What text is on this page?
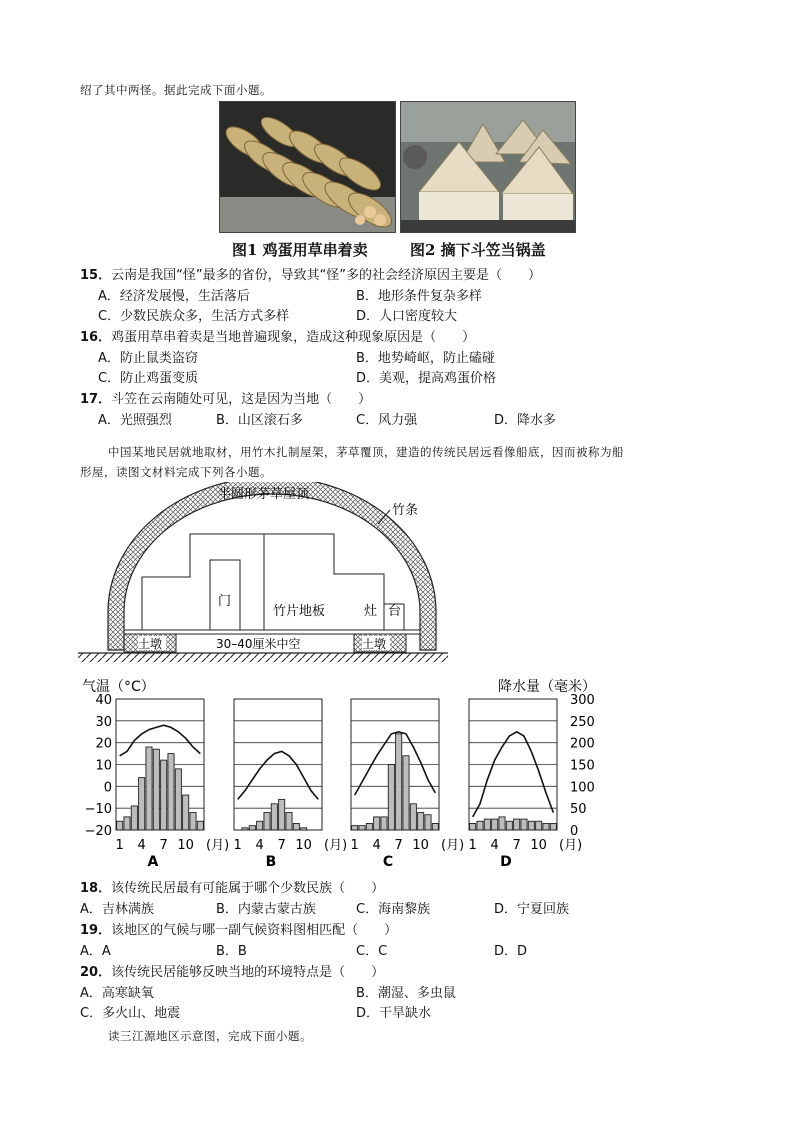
绍了其中两怪。据此完成下面小题。
图1 鸡蛋用草串着卖	图2 摘下斗笠当锅盖
15．云南是我国“怪”最多的省份，导致其“怪”多的社会经济原因主要是（　　）
A．经济发展慢，生活落后	B．地形条件复杂多样
C．少数民族众多，生活方式多样	D．人口密度较大
16．鸡蛋用草串着卖是当地普遍现象，造成这种现象原因是（　　）
A．防止鼠类盗窃	B．地势崎岖，防止磕碰
C．防止鸡蛋变质	D．美观，提高鸡蛋价格
17．斗笠在云南随处可见，这是因为当地（　　）
A．光照强烈	B．山区滚石多	C．风力强	D．降水多
中国某地民居就地取材，用竹木扎制屋架，茅草覆顶，建造的传统民居远看像船底，因而被称为船
形屋，读图文材料完成下列各小题。
半圆形茅草屋顶
竹条
门
竹片地板	灶 台
土墩	土墩
30–40厘米中空
气温（°C）	降水量（毫米）
40
30
20
10
0
−10
−20
300
250
200
150
100
50
0
1 4 7 10 (月)
A
1 4 7 10 (月)
B
1 4 7 10 (月)
C
1 4 7 10 (月)
D
18．该传统民居最有可能属于哪个少数民族（　　）
A．吉林满族	B．内蒙古蒙古族	C．海南黎族	D．宁夏回族
19．该地区的气候与哪一副气候资料图相匹配（　　）
A．A	B．B	C．C	D．D
20．该传统民居能够反映当地的环境特点是（　　）
A．高寒缺氧	B．潮湿、多虫鼠
C．多火山、地震	D．干旱缺水
读三江源地区示意图，完成下面小题。
